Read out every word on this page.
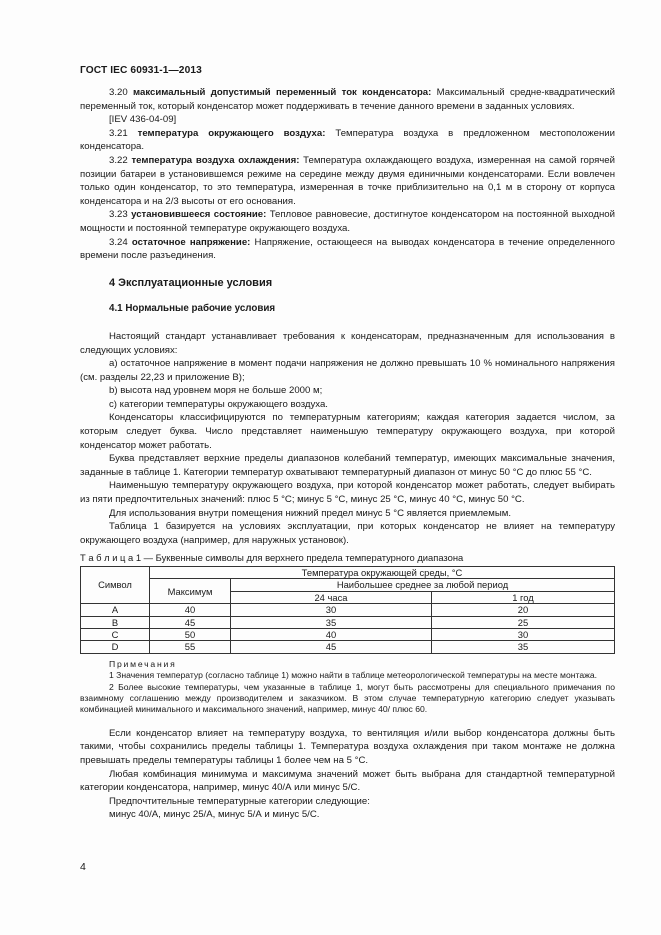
ГОСТ IEC 60931-1—2013

3.20 максимальный допустимый переменный ток конденсатора: Максимальный средне-квадратический переменный ток, который конденсатор может поддерживать в течение данного времени в заданных условиях.

[IEV 436-04-09]

3.21 температура окружающего воздуха: Температура воздуха в предложенном местоположении конденсатора.

3.22 температура воздуха охлаждения: Температура охлаждающего воздуха, измеренная на самой горячей позиции батареи в установившемся режиме на середине между двумя единичными конденсаторами. Если вовлечен только один конденсатор, то это температура, измеренная в точке приблизительно на 0,1 м в сторону от корпуса конденсатора и на 2/3 высоты от его основания.

3.23 установившееся состояние: Тепловое равновесие, достигнутое конденсатором на постоянной выходной мощности и постоянной температуре окружающего воздуха.

3.24 остаточное напряжение: Напряжение, остающееся на выводах конденсатора в течение определенного времени после разъединения.

4 Эксплуатационные условия
4.1 Нормальные рабочие условия

Настоящий стандарт устанавливает требования к конденсаторам, предназначенным для использования в следующих условиях:

a) остаточное напряжение в момент подачи напряжения не должно превышать 10 % номинального напряжения (см. разделы 22,23 и приложение В);

b) высота над уровнем моря не больше 2000 м;

c) категории температуры окружающего воздуха.

Конденсаторы классифицируются по температурным категориям; каждая категория задается числом, за которым следует буква. Число представляет наименьшую температуру окружающего воздуха, при которой конденсатор может работать.

Буква представляет верхние пределы диапазонов колебаний температур, имеющих максимальные значения, заданные в таблице 1. Категории температур охватывают температурный диапазон от минус 50 °С до плюс 55 °С.

Наименьшую температуру окружающего воздуха, при которой конденсатор может работать, следует выбирать из пяти предпочтительных значений: плюс 5 °С; минус 5 °С, минус 25 °С, минус 40 °С, минус 50 °С.

Для использования внутри помещения нижний предел минус 5 °С является приемлемым.

Таблица 1 базируется на условиях эксплуатации, при которых конденсатор не влияет на температуру окружающего воздуха (например, для наружных установок).

Т а б л и ц а 1 — Буквенные символы для верхнего предела температурного диапазона
Символ	Температура окружающей среды, °С		
	Максимум	Наибольшее среднее за любой период	
		24 часа	1 год
A	40	30	20
B	45	35	25
C	50	40	30
D	55	45	35
Примечания

1 Значения температур (согласно таблице 1) можно найти в таблице метеорологической температуры на месте монтажа.

2 Более высокие температуры, чем указанные в таблице 1, могут быть рассмотрены для специального примечания по взаимному соглашению между производителем и заказчиком. В этом случае температурную категорию следует указывать комбинацией минимального и максимального значений, например, минус 40/ плюс 60.

Если конденсатор влияет на температуру воздуха, то вентиляция и/или выбор конденсатора должны быть такими, чтобы сохранились пределы таблицы 1. Температура воздуха охлаждения при таком монтаже не должна превышать пределы температуры таблицы 1 более чем на 5 °С.

Любая комбинация минимума и максимума значений может быть выбрана для стандартной температурной категории конденсатора, например, минус 40/А или минус 5/С.

Предпочтительные температурные категории следующие:

минус 40/А, минус 25/А, минус 5/А и минус 5/С.

4
